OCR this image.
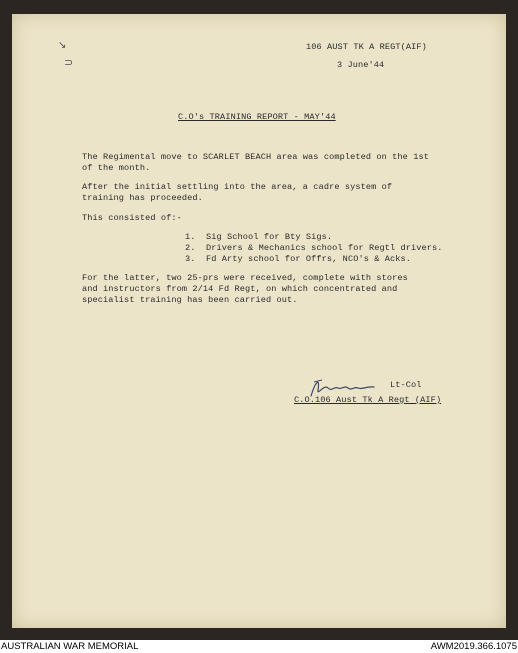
↘
⊃
106 AUST TK A REGT(AIF)
3 June'44
C.O's TRAINING REPORT - MAY'44
The Regimental move to SCARLET BEACH area was completed on the 1st
of the month.
After the initial settling into the area, a cadre system of
training has proceeded.
This consisted of:-
1. Sig School for Bty Sigs.
2. Drivers & Mechanics school for Regtl drivers.
3. Fd Arty school for Offrs, NCO's & Acks.
For the latter, two 25-prs were received, complete with stores
and instructors from 2/14 Fd Regt, on which concentrated and
specialist training has been carried out.
Lt-Col
C.O.106 Aust Tk A Regt (AIF)
AUSTRALIAN WAR MEMORIAL	AWM2019.366.1075
